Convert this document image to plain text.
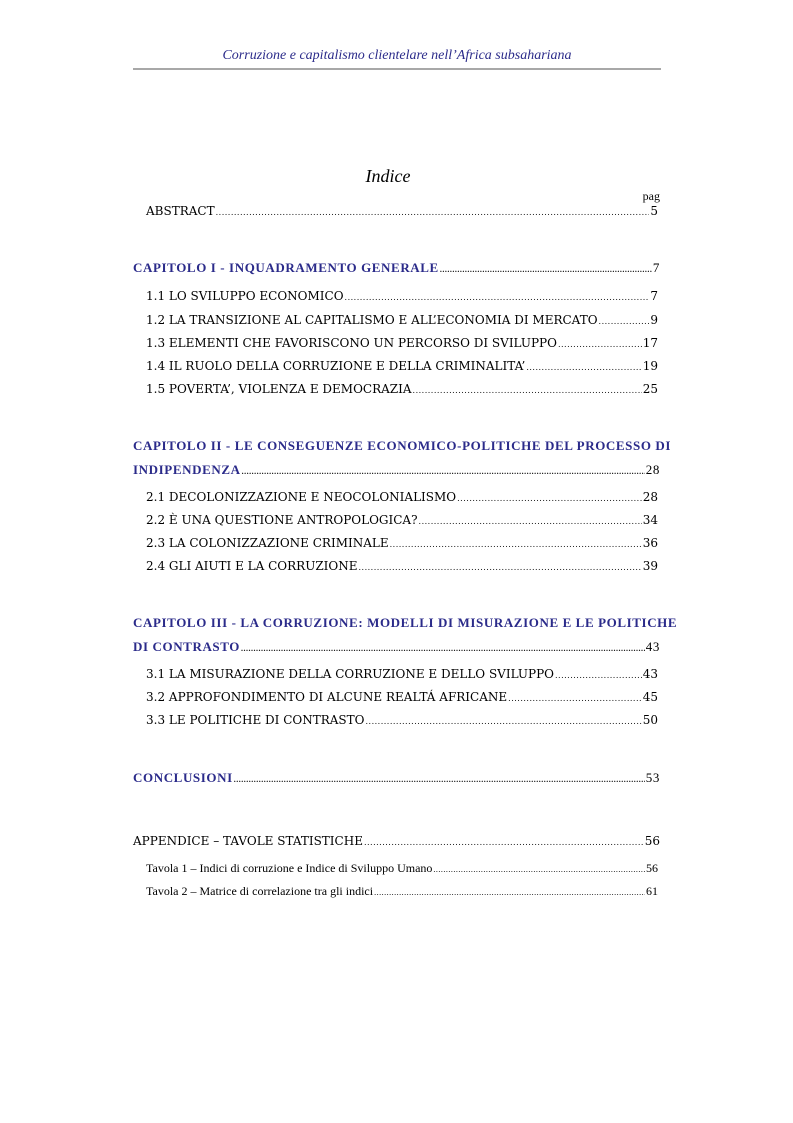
Corruzione e capitalismo clientelare nell’Africa subsahariana
Indice
pag
ABSTRACT .....	5
CAPITOLO I - INQUADRAMENTO GENERALE .....	7
1.1 LO SVILUPPO ECONOMICO .....	7
1.2 LA TRANSIZIONE AL CAPITALISMO E ALL’ECONOMIA DI MERCATO .....	9
1.3 ELEMENTI CHE FAVORISCONO UN PERCORSO DI SVILUPPO .....	17
1.4 IL RUOLO DELLA CORRUZIONE E DELLA CRIMINALITA’ .....	19
1.5 POVERTA’, VIOLENZA E DEMOCRAZIA .....	25
CAPITOLO II - LE CONSEGUENZE ECONOMICO-POLITICHE DEL PROCESSO DI
INDIPENDENZA .....	28
2.1 DECOLONIZZAZIONE E NEOCOLONIALISMO .....	28
2.2 È UNA QUESTIONE ANTROPOLOGICA? .....	34
2.3 LA COLONIZZAZIONE CRIMINALE .....	36
2.4 GLI AIUTI E LA CORRUZIONE .....	39
CAPITOLO III - LA CORRUZIONE: MODELLI DI MISURAZIONE E LE POLITICHE
DI CONTRASTO .....	43
3.1 LA MISURAZIONE DELLA CORRUZIONE E DELLO SVILUPPO .....	43
3.2 APPROFONDIMENTO DI ALCUNE REALTÁ AFRICANE .....	45
3.3 LE POLITICHE DI CONTRASTO .....	50
CONCLUSIONI .....	53
APPENDICE – TAVOLE STATISTICHE .....	56
Tavola 1 – Indici di corruzione e Indice di Sviluppo Umano .....	56
Tavola 2 – Matrice di correlazione tra gli indici .....	61
